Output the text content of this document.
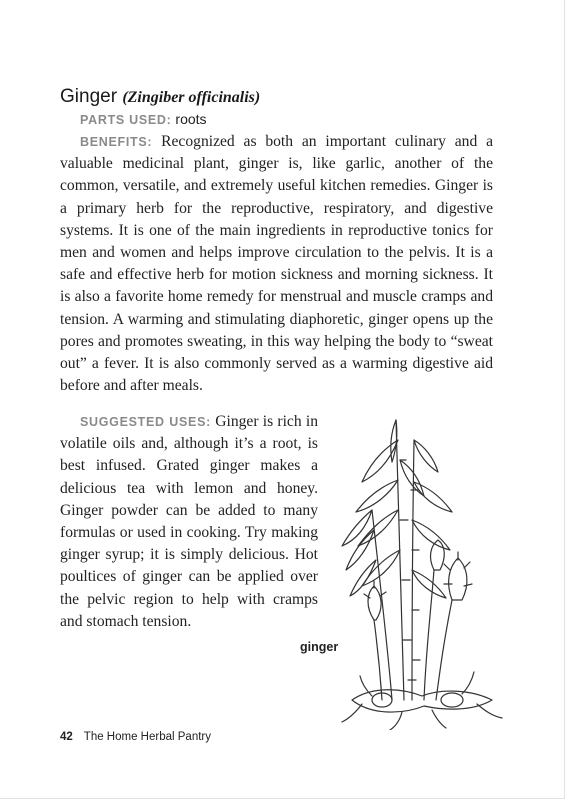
Ginger (Zingiber officinalis)
PARTS USED: roots
BENEFITS: Recognized as both an important culinary and a valuable medicinal plant, ginger is, like garlic, another of the common, versatile, and extremely useful kitchen remedies. Ginger is a primary herb for the reproductive, respiratory, and digestive systems. It is one of the main ingredients in reproductive tonics for men and women and helps improve circulation to the pelvis. It is a safe and effective herb for motion sickness and morning sickness. It is also a favorite home remedy for menstrual and muscle cramps and tension. A warming and stimulating diaphoretic, ginger opens up the pores and promotes sweating, in this way helping the body to “sweat out” a fever. It is also commonly served as a warming digestive aid before and after meals.
SUGGESTED USES: Ginger is rich in volatile oils and, although it’s a root, is best infused. Grated ginger makes a delicious tea with lemon and honey. Ginger powder can be added to many formulas or used in cooking. Try making ginger syrup; it is simply delicious. Hot poultices of ginger can be applied over the pelvic region to help with cramps and stomach tension.
ginger
42 The Home Herbal Pantry
